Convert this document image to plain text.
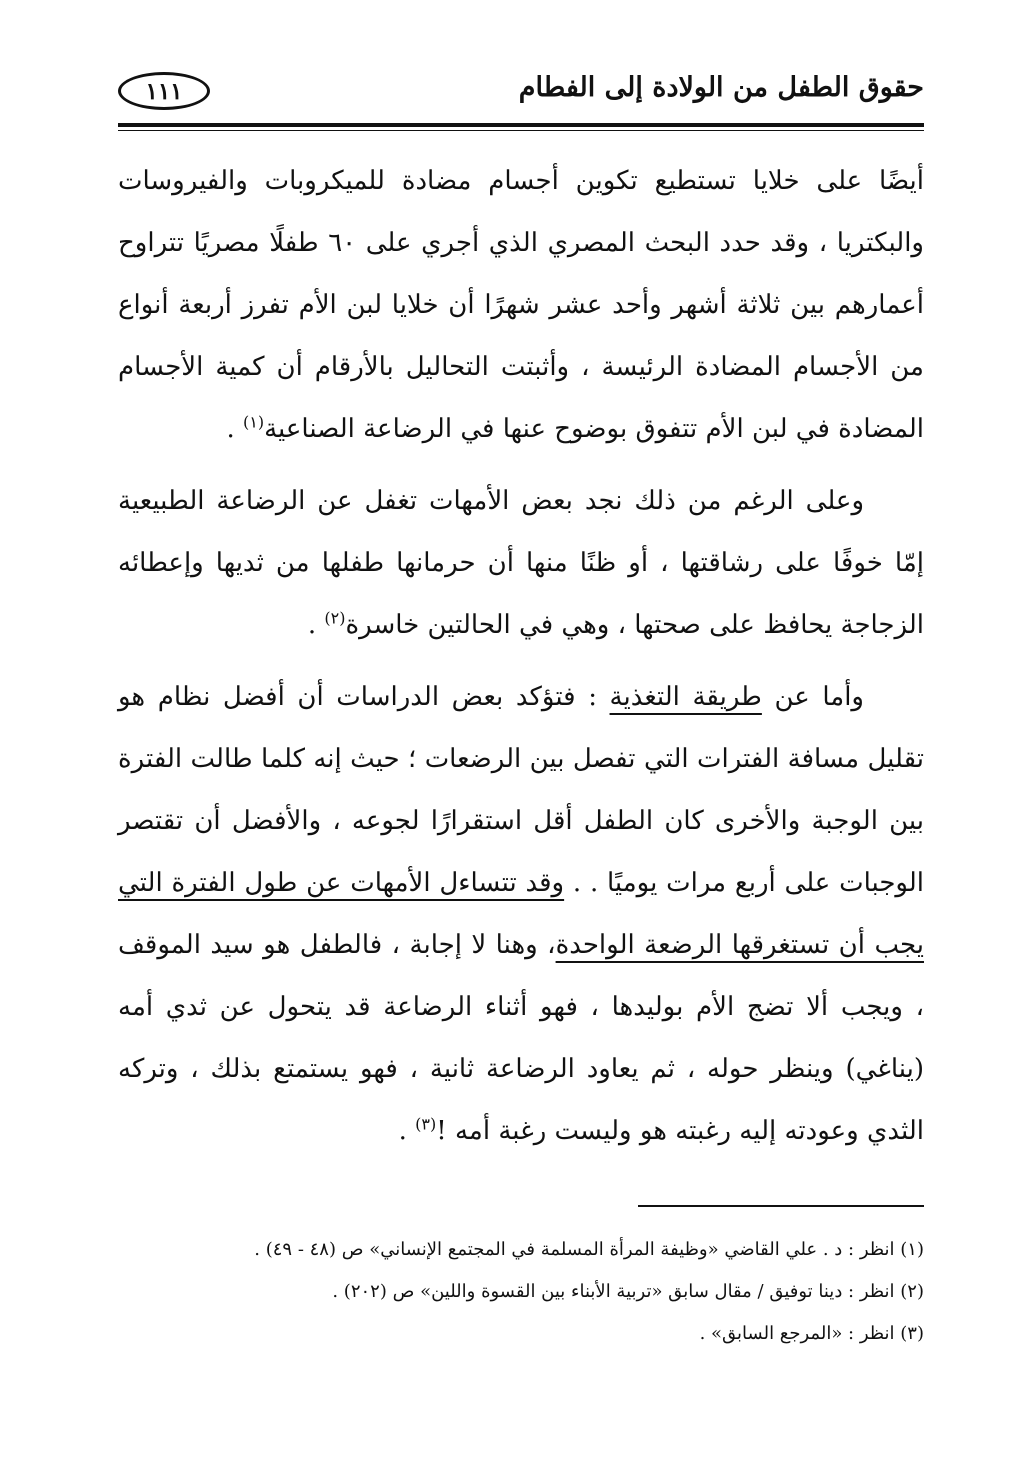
حقوق الطفل من الولادة إلى الفطام
١١١

أيضًا على خلايا تستطيع تكوين أجسام مضادة للميكروبات والفيروسات والبكتريا ، وقد حدد البحث المصري الذي أجري على ٦٠ طفلًا مصريًا تتراوح أعمارهم بين ثلاثة أشهر وأحد عشر شهرًا أن خلايا لبن الأم تفرز أربعة أنواع من الأجسام المضادة الرئيسة ، وأثبتت التحاليل بالأرقام أن كمية الأجسام المضادة في لبن الأم تتفوق بوضوح عنها في الرضاعة الصناعية$^{(١)}$ .

وعلى الرغم من ذلك نجد بعض الأمهات تغفل عن الرضاعة الطبيعية إمّا خوفًا على رشاقتها ، أو ظنًا منها أن حرمانها طفلها من ثديها وإعطائه الزجاجة يحافظ على صحتها ، وهي في الحالتين خاسرة$^{(٢)}$ .

وأما عن طريقة التغذية : فتؤكد بعض الدراسات أن أفضل نظام هو تقليل مسافة الفترات التي تفصل بين الرضعات ؛ حيث إنه كلما طالت الفترة بين الوجبة والأخرى كان الطفل أقل استقرارًا لجوعه ، والأفضل أن تقتصر الوجبات على أربع مرات يوميًا . . وقد تتساءل الأمهات عن طول الفترة التي يجب أن تستغرقها الرضعة الواحدة، وهنا لا إجابة ، فالطفل هو سيد الموقف ، ويجب ألا تضج الأم بوليدها ، فهو أثناء الرضاعة قد يتحول عن ثدي أمه (يناغي) وينظر حوله ، ثم يعاود الرضاعة ثانية ، فهو يستمتع بذلك ، وتركه الثدي وعودته إليه رغبته هو وليست رغبة أمه !$^{(٣)}$ .

(١) انظر : د . علي القاضي «وظيفة المرأة المسلمة في المجتمع الإنساني» ص (٤٨ - ٤٩) .

(٢) انظر : دينا توفيق / مقال سابق «تربية الأبناء بين القسوة واللين» ص (٢٠٢) .

(٣) انظر : «المرجع السابق» .
